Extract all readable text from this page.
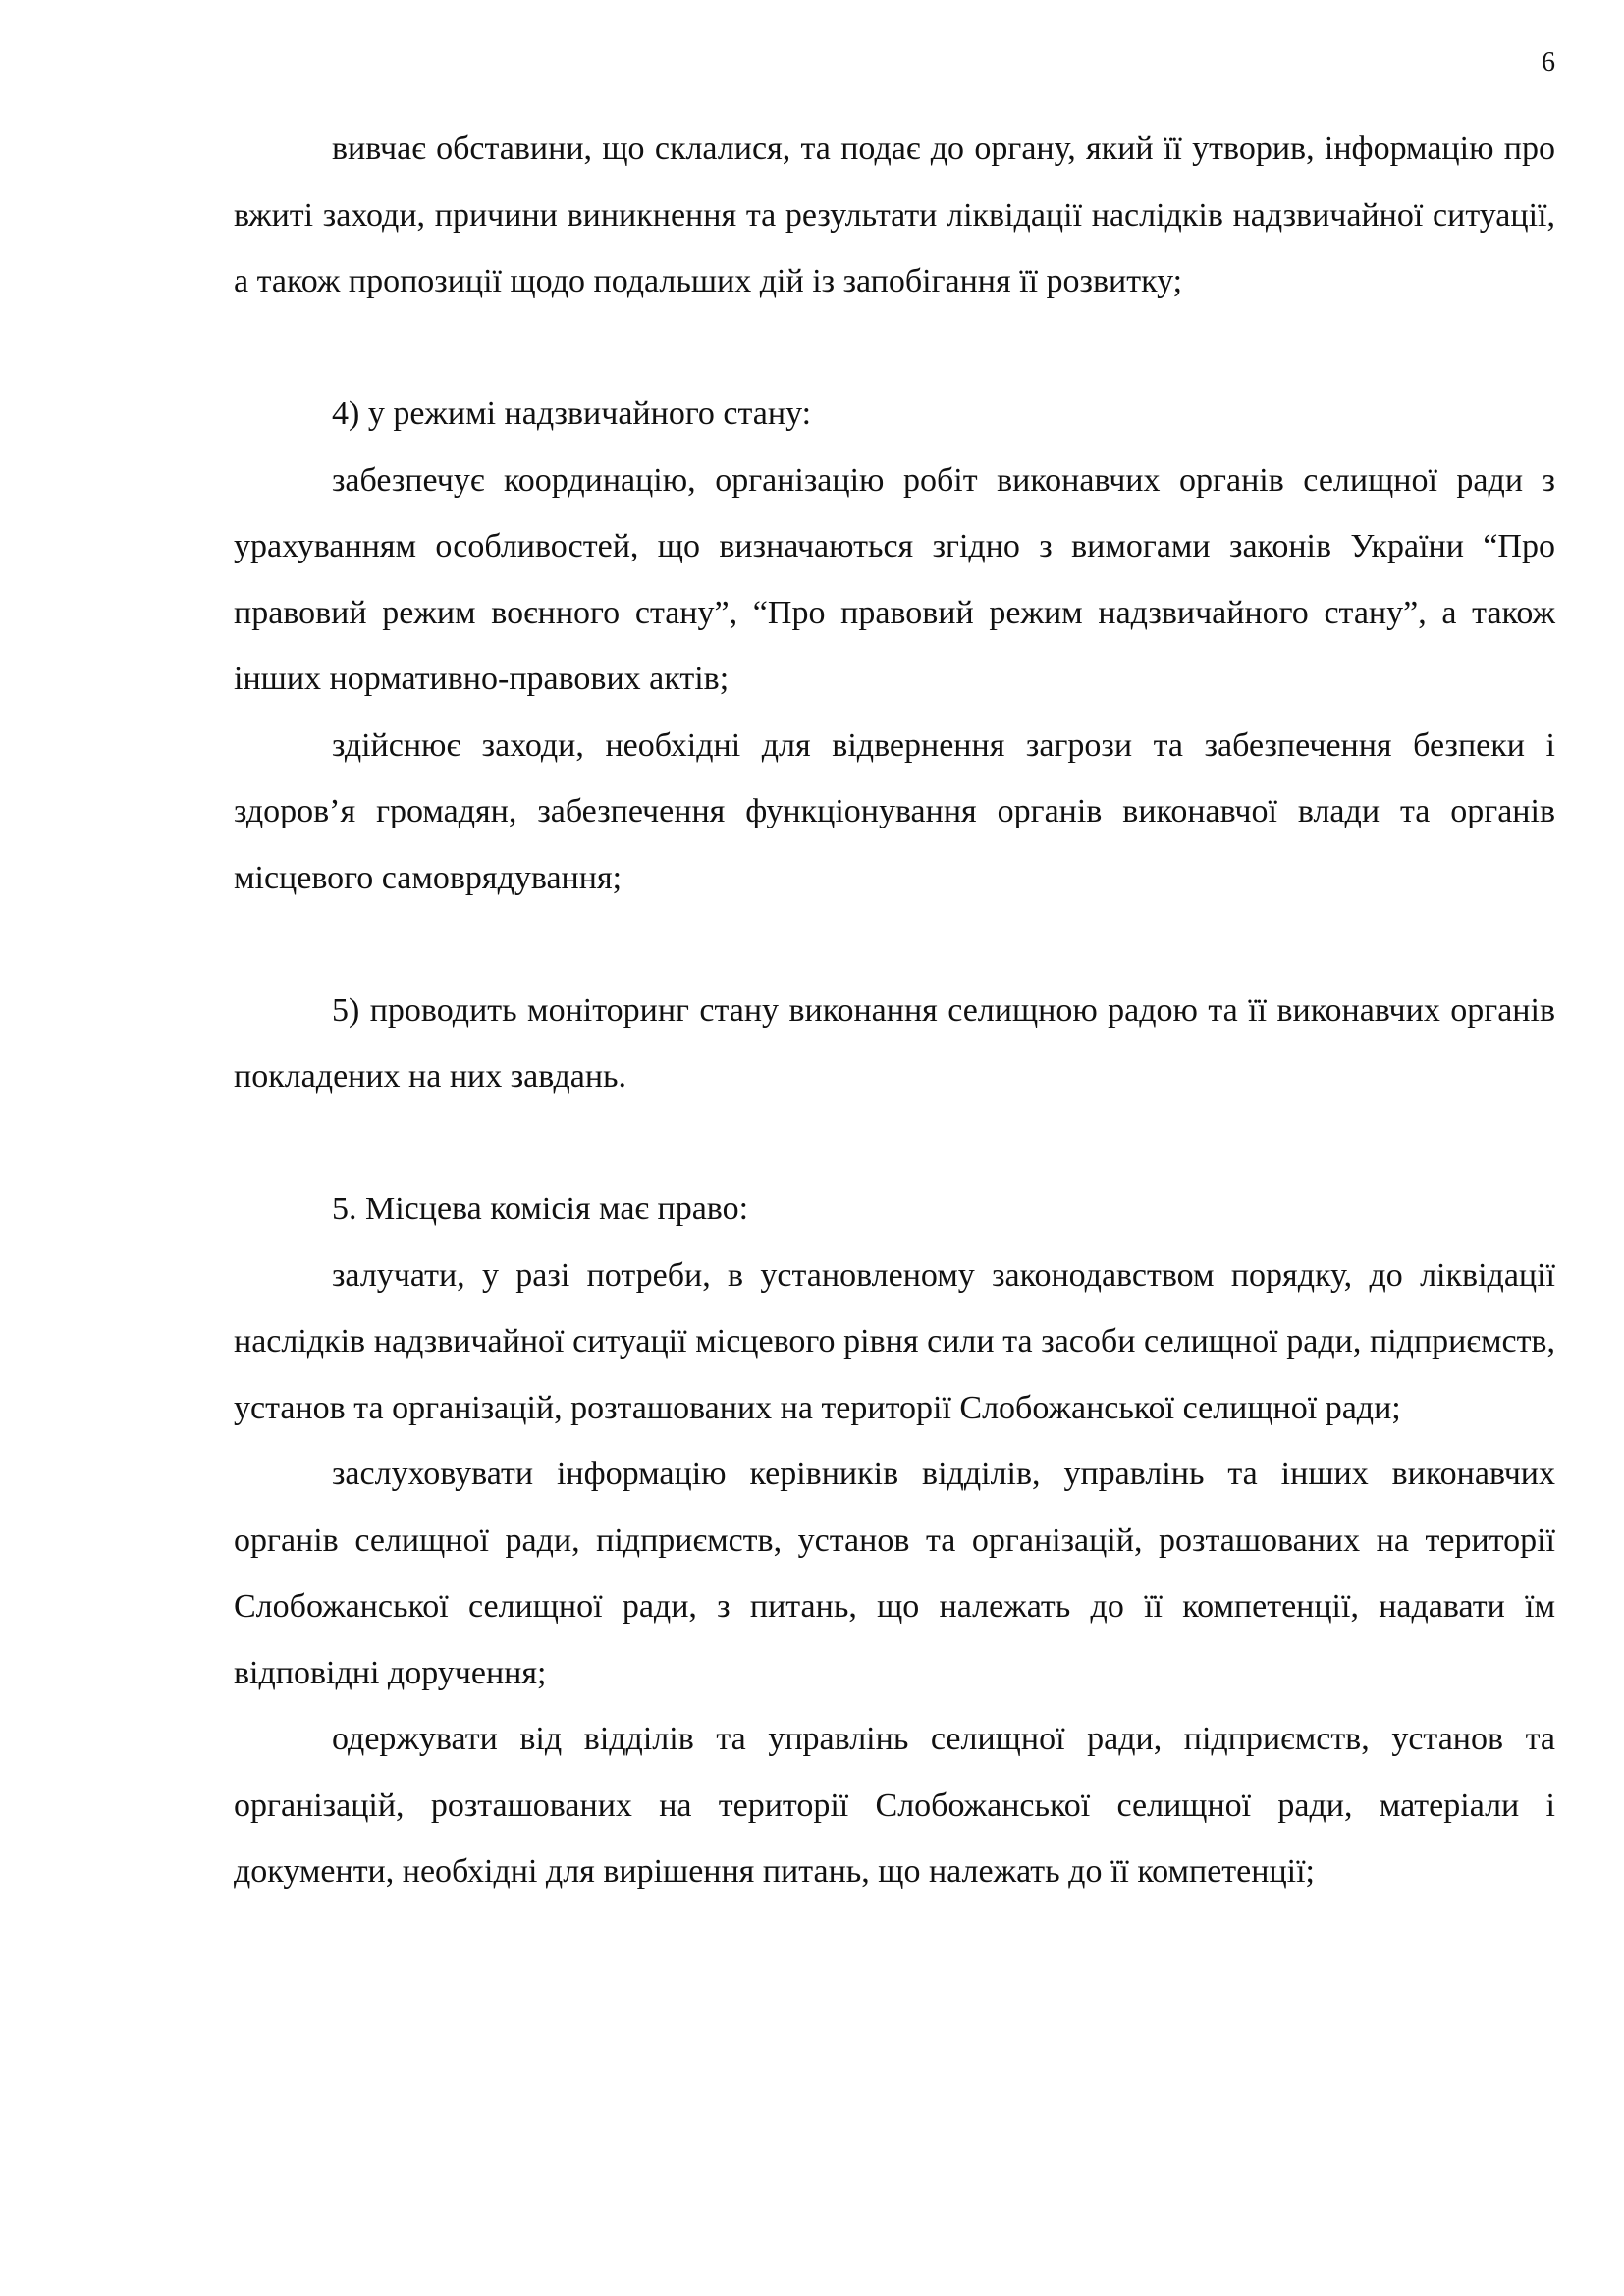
6

вивчає обставини, що склалися, та подає до органу, який її утворив, інформацію про вжиті заходи, причини виникнення та результати ліквідації наслідків надзвичайної ситуації, а також пропозиції щодо подальших дій із запобігання її розвитку;

4) у режимі надзвичайного стану:

забезпечує координацію, організацію робіт виконавчих органів селищної ради з урахуванням особливостей, що визначаються згідно з вимогами законів України “Про правовий режим воєнного стану”, “Про правовий режим надзвичайного стану”, а також інших нормативно-правових актів;

здійснює заходи, необхідні для відвернення загрози та забезпечення безпеки і здоров’я громадян, забезпечення функціонування органів виконавчої влади та органів місцевого самоврядування;

5) проводить моніторинг стану виконання селищною радою та її виконавчих органів покладених на них завдань.

5. Місцева комісія має право:

залучати, у разі потреби, в установленому законодавством порядку, до ліквідації наслідків надзвичайної ситуації місцевого рівня сили та засоби селищної ради, підприємств, установ та організацій, розташованих на території Слобожанської селищної ради;

заслуховувати інформацію керівників відділів, управлінь та інших виконавчих органів селищної ради, підприємств, установ та організацій, розташованих на території Слобожанської селищної ради, з питань, що належать до її компетенції, надавати їм відповідні доручення;

одержувати від відділів та управлінь селищної ради, підприємств, установ та організацій, розташованих на території Слобожанської селищної ради, матеріали і документи, необхідні для вирішення питань, що належать до її компетенції;
